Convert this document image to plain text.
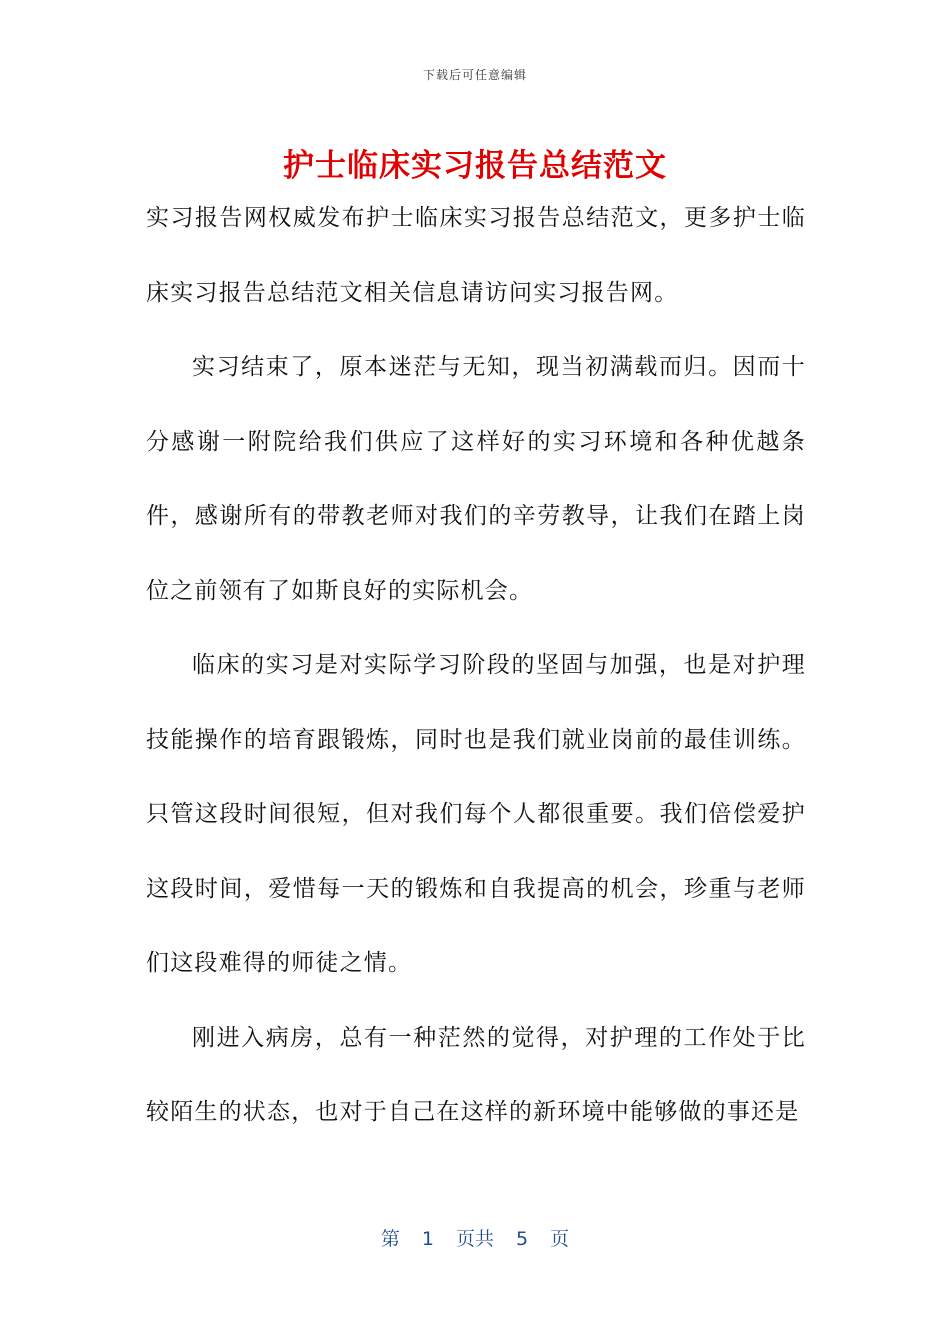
下载后可任意编辑
护士临床实习报告总结范文

实习报告网权威发布护士临床实习报告总结范文，更多护士临床实习报告总结范文相关信息请访问实习报告网。

实习结束了，原本迷茫与无知，现当初满载而归。因而十分感谢一附院给我们供应了这样好的实习环境和各种优越条件，感谢所有的带教老师对我们的辛劳教导，让我们在踏上岗位之前领有了如斯良好的实际机会。

临床的实习是对实际学习阶段的坚固与加强，也是对护理技能操作的培育跟锻炼，同时也是我们就业岗前的最佳训练。只管这段时间很短，但对我们每个人都很重要。我们倍偿爱护这段时间，爱惜每一天的锻炼和自我提高的机会，珍重与老师们这段难得的师徒之情。

刚进入病房，总有一种茫然的觉得，对护理的工作处于比较陌生的状态，也对于自己在这样的新环境中能够做的事还是

第 1 页共 5 页
